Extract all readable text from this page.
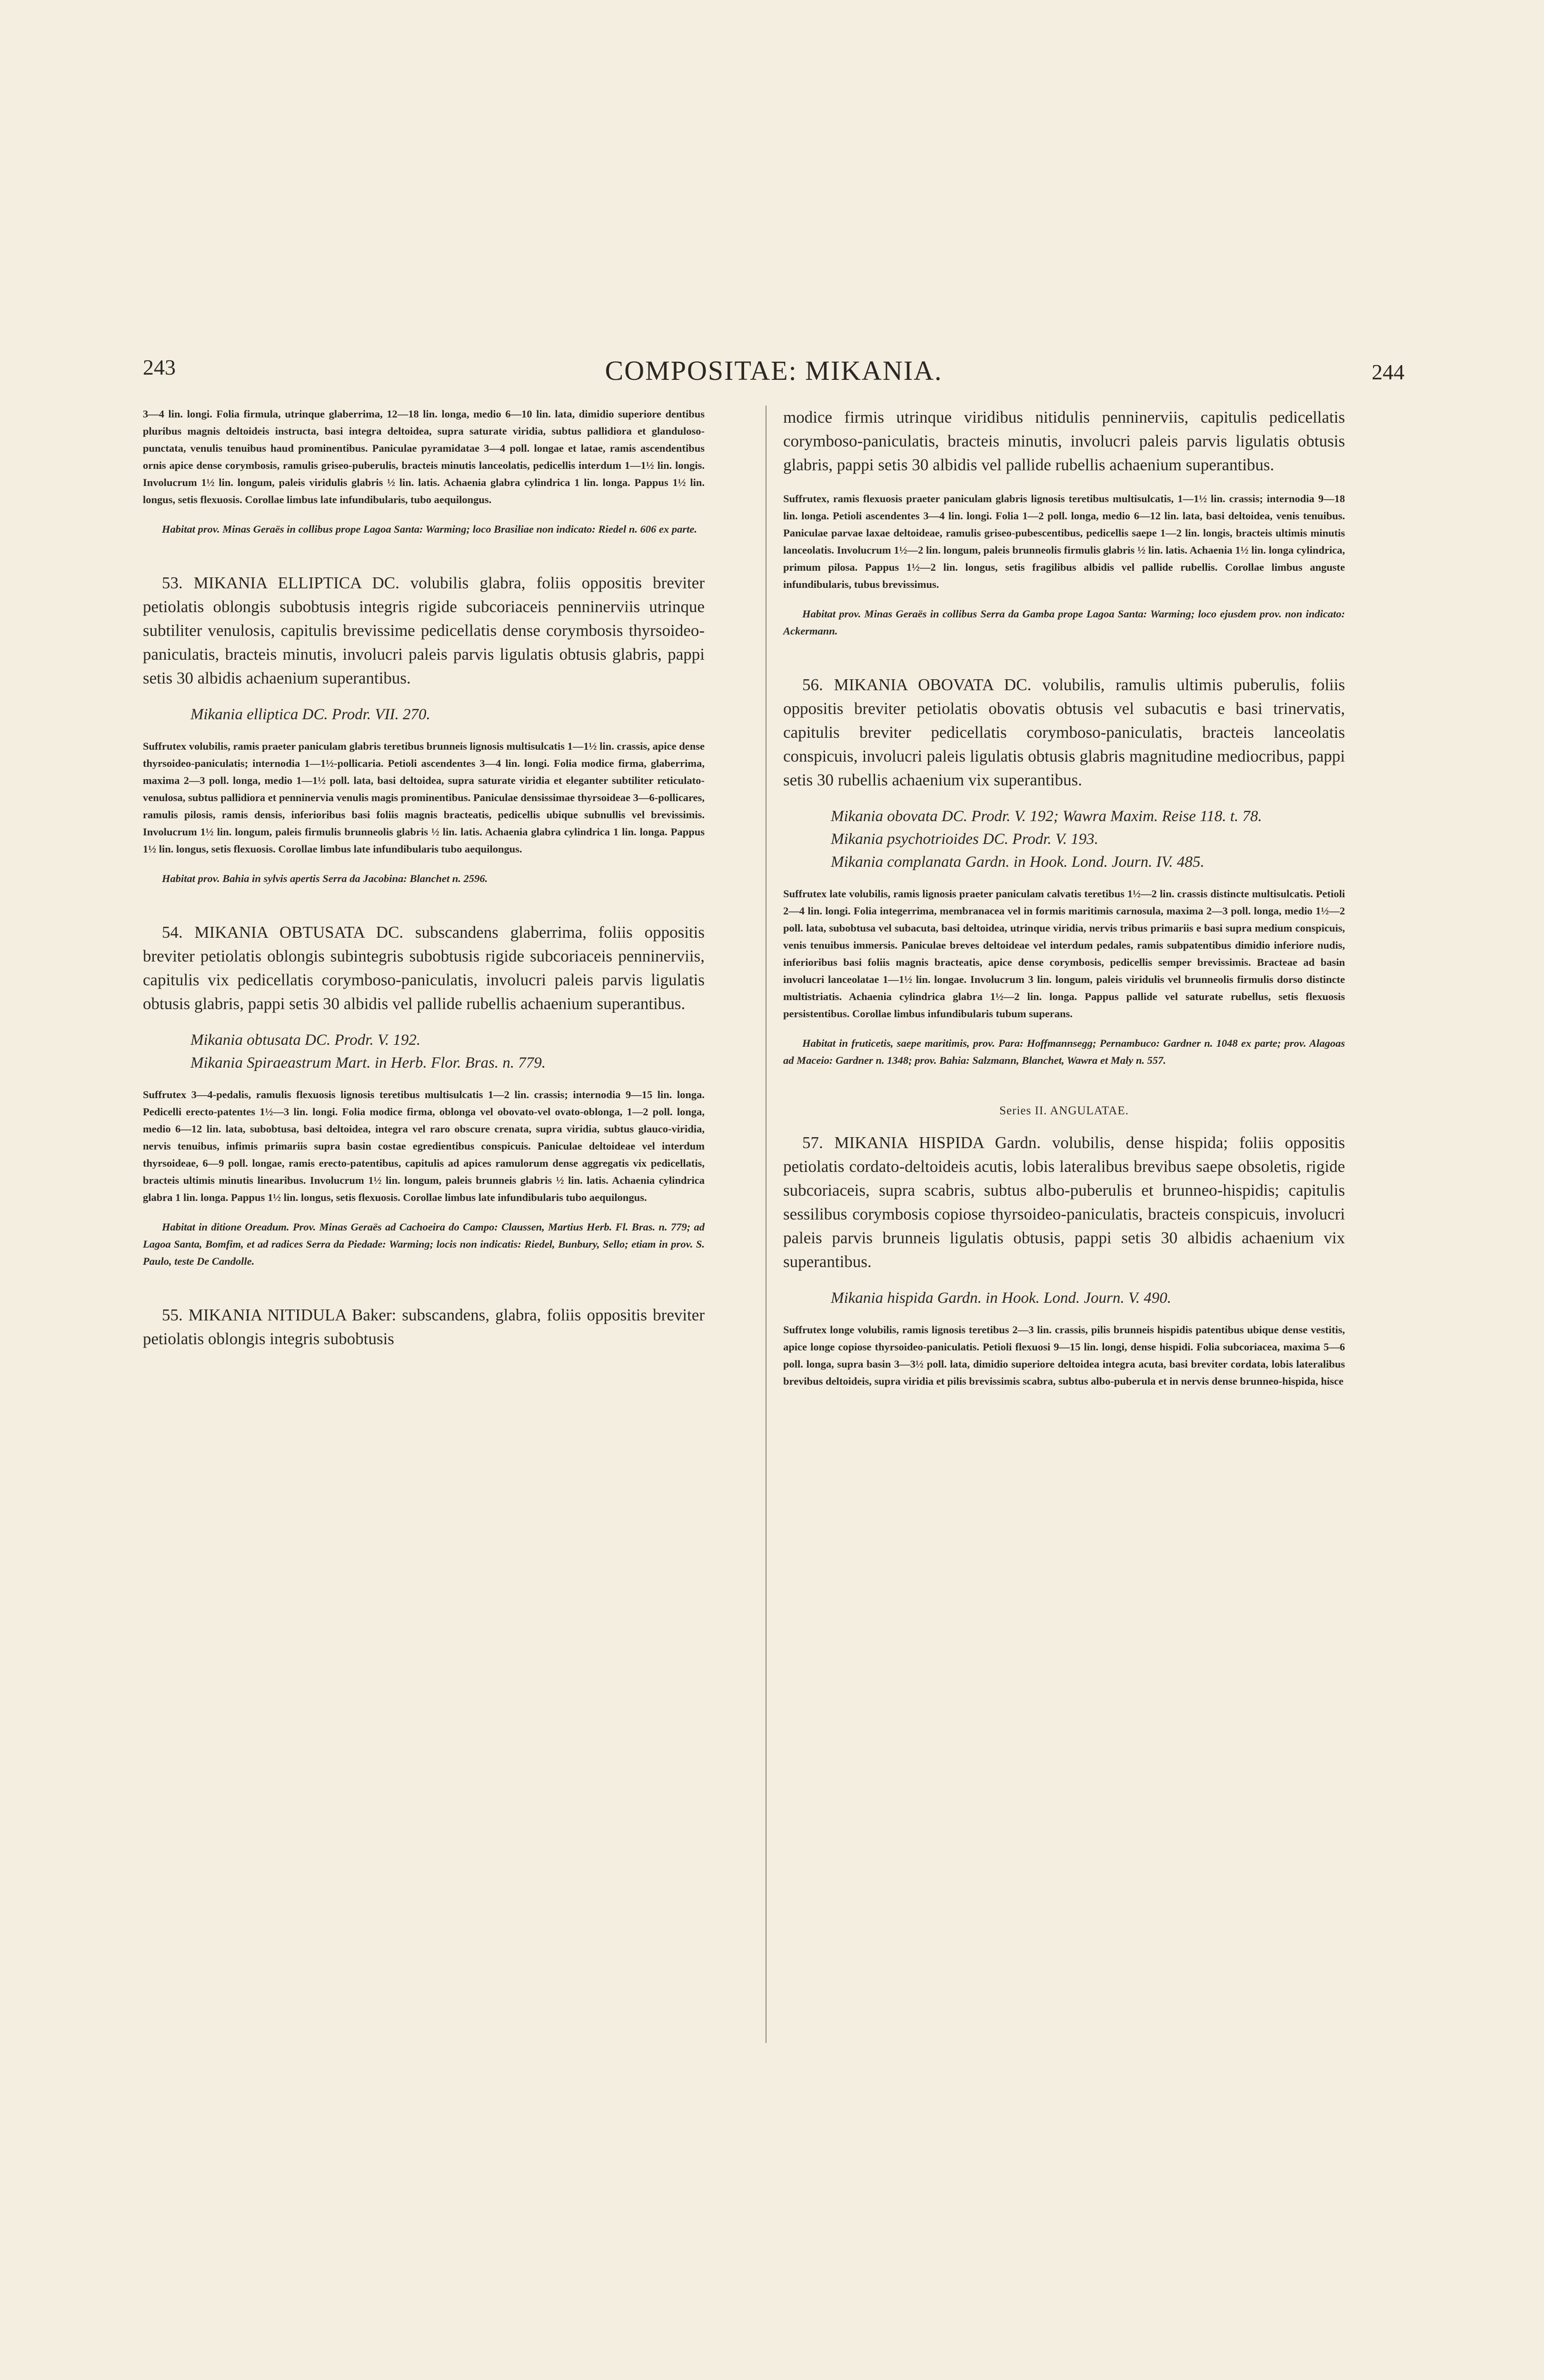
243	COMPOSITAE: MIKANIA.	244

3—4 lin. longi. Folia firmula, utrinque glaberrima, 12—18 lin. longa, medio 6—10 lin. lata, dimidio superiore dentibus pluribus magnis deltoideis instructa, basi integra deltoidea, supra saturate viridia, subtus pallidiora et glanduloso-punctata, venulis tenuibus haud prominentibus. Paniculae pyramidatae 3—4 poll. longae et latae, ramis ascendentibus ornis apice dense corymbosis, ramulis griseo-puberulis, bracteis minutis lanceolatis, pedicellis interdum 1—1½ lin. longis. Involucrum 1½ lin. longum, paleis viridulis glabris ½ lin. latis. Achaenia glabra cylindrica 1 lin. longa. Pappus 1½ lin. longus, setis flexuosis. Corollae limbus late infundibularis, tubo aequilongus.

Habitat prov. Minas Geraës in collibus prope Lagoa Santa: Warming; loco Brasiliae non indicato: Riedel n. 606 ex parte.

53. MIKANIA ELLIPTICA DC. volubilis glabra, foliis oppositis breviter petiolatis oblongis subobtusis integris rigide subcoriaceis penninerviis utrinque subtiliter venulosis, capitulis brevissime pedicellatis dense corymbosis thyrsoideo-paniculatis, bracteis minutis, involucri paleis parvis ligulatis obtusis glabris, pappi setis 30 albidis achaenium superantibus.

Mikania elliptica DC. Prodr. VII. 270.

Suffrutex volubilis, ramis praeter paniculam glabris teretibus brunneis lignosis multisulcatis 1—1½ lin. crassis, apice dense thyrsoideo-paniculatis; internodia 1—1½-pollicaria. Petioli ascendentes 3—4 lin. longi. Folia modice firma, glaberrima, maxima 2—3 poll. longa, medio 1—1½ poll. lata, basi deltoidea, supra saturate viridia et eleganter subtiliter reticulato-venulosa, subtus pallidiora et penninervia venulis magis prominentibus. Paniculae densissimae thyrsoideae 3—6-pollicares, ramulis pilosis, ramis densis, inferioribus basi foliis magnis bracteatis, pedicellis ubique subnullis vel brevissimis. Involucrum 1½ lin. longum, paleis firmulis brunneolis glabris ½ lin. latis. Achaenia glabra cylindrica 1 lin. longa. Pappus 1½ lin. longus, setis flexuosis. Corollae limbus late infundibularis tubo aequilongus.

Habitat prov. Bahia in sylvis apertis Serra da Jacobina: Blanchet n. 2596.

54. MIKANIA OBTUSATA DC. subscandens glaberrima, foliis oppositis breviter petiolatis oblongis subintegris subobtusis rigide subcoriaceis penninerviis, capitulis vix pedicellatis corymboso-paniculatis, involucri paleis parvis ligulatis obtusis glabris, pappi setis 30 albidis vel pallide rubellis achaenium superantibus.

Mikania obtusata DC. Prodr. V. 192.

Mikania Spiraeastrum Mart. in Herb. Flor. Bras. n. 779.

Suffrutex 3—4-pedalis, ramulis flexuosis lignosis teretibus multisulcatis 1—2 lin. crassis; internodia 9—15 lin. longa. Pedicelli erecto-patentes 1½—3 lin. longi. Folia modice firma, oblonga vel obovato-vel ovato-oblonga, 1—2 poll. longa, medio 6—12 lin. lata, subobtusa, basi deltoidea, integra vel raro obscure crenata, supra viridia, subtus glauco-viridia, nervis tenuibus, infimis primariis supra basin costae egredientibus conspicuis. Paniculae deltoideae vel interdum thyrsoideae, 6—9 poll. longae, ramis erecto-patentibus, capitulis ad apices ramulorum dense aggregatis vix pedicellatis, bracteis ultimis minutis linearibus. Involucrum 1½ lin. longum, paleis brunneis glabris ½ lin. latis. Achaenia cylindrica glabra 1 lin. longa. Pappus 1½ lin. longus, setis flexuosis. Corollae limbus late infundibularis tubo aequilongus.

Habitat in ditione Oreadum. Prov. Minas Geraës ad Cachoeira do Campo: Claussen, Martius Herb. Fl. Bras. n. 779; ad Lagoa Santa, Bomfim, et ad radices Serra da Piedade: Warming; locis non indicatis: Riedel, Bunbury, Sello; etiam in prov. S. Paulo, teste De Candolle.

55. MIKANIA NITIDULA Baker: subscandens, glabra, foliis oppositis breviter petiolatis oblongis integris subobtusis

modice firmis utrinque viridibus nitidulis penninerviis, capitulis pedicellatis corymboso-paniculatis, bracteis minutis, involucri paleis parvis ligulatis obtusis glabris, pappi setis 30 albidis vel pallide rubellis achaenium superantibus.

Suffrutex, ramis flexuosis praeter paniculam glabris lignosis teretibus multisulcatis, 1—1½ lin. crassis; internodia 9—18 lin. longa. Petioli ascendentes 3—4 lin. longi. Folia 1—2 poll. longa, medio 6—12 lin. lata, basi deltoidea, venis tenuibus. Paniculae parvae laxae deltoideae, ramulis griseo-pubescentibus, pedicellis saepe 1—2 lin. longis, bracteis ultimis minutis lanceolatis. Involucrum 1½—2 lin. longum, paleis brunneolis firmulis glabris ½ lin. latis. Achaenia 1½ lin. longa cylindrica, primum pilosa. Pappus 1½—2 lin. longus, setis fragilibus albidis vel pallide rubellis. Corollae limbus anguste infundibularis, tubus brevissimus.

Habitat prov. Minas Geraës in collibus Serra da Gamba prope Lagoa Santa: Warming; loco ejusdem prov. non indicato: Ackermann.

56. MIKANIA OBOVATA DC. volubilis, ramulis ultimis puberulis, foliis oppositis breviter petiolatis obovatis obtusis vel subacutis e basi trinervatis, capitulis breviter pedicellatis corymboso-paniculatis, bracteis lanceolatis conspicuis, involucri paleis ligulatis obtusis glabris magnitudine mediocribus, pappi setis 30 rubellis achaenium vix superantibus.

Mikania obovata DC. Prodr. V. 192; Wawra Maxim. Reise 118. t. 78.

Mikania psychotrioides DC. Prodr. V. 193.

Mikania complanata Gardn. in Hook. Lond. Journ. IV. 485.

Suffrutex late volubilis, ramis lignosis praeter paniculam calvatis teretibus 1½—2 lin. crassis distincte multisulcatis. Petioli 2—4 lin. longi. Folia integerrima, membranacea vel in formis maritimis carnosula, maxima 2—3 poll. longa, medio 1½—2 poll. lata, subobtusa vel subacuta, basi deltoidea, utrinque viridia, nervis tribus primariis e basi supra medium conspicuis, venis tenuibus immersis. Paniculae breves deltoideae vel interdum pedales, ramis subpatentibus dimidio inferiore nudis, inferioribus basi foliis magnis bracteatis, apice dense corymbosis, pedicellis semper brevissimis. Bracteae ad basin involucri lanceolatae 1—1½ lin. longae. Involucrum 3 lin. longum, paleis viridulis vel brunneolis firmulis dorso distincte multistriatis. Achaenia cylindrica glabra 1½—2 lin. longa. Pappus pallide vel saturate rubellus, setis flexuosis persistentibus. Corollae limbus infundibularis tubum superans.

Habitat in fruticetis, saepe maritimis, prov. Para: Hoffmannsegg; Pernambuco: Gardner n. 1048 ex parte; prov. Alagoas ad Maceio: Gardner n. 1348; prov. Bahia: Salzmann, Blanchet, Wawra et Maly n. 557.

Series II. ANGULATAE.

57. MIKANIA HISPIDA Gardn. volubilis, dense hispida; foliis oppositis petiolatis cordato-deltoideis acutis, lobis lateralibus brevibus saepe obsoletis, rigide subcoriaceis, supra scabris, subtus albo-puberulis et brunneo-hispidis; capitulis sessilibus corymbosis copiose thyrsoideo-paniculatis, bracteis conspicuis, involucri paleis parvis brunneis ligulatis obtusis, pappi setis 30 albidis achaenium vix superantibus.

Mikania hispida Gardn. in Hook. Lond. Journ. V. 490.

Suffrutex longe volubilis, ramis lignosis teretibus 2—3 lin. crassis, pilis brunneis hispidis patentibus ubique dense vestitis, apice longe copiose thyrsoideo-paniculatis. Petioli flexuosi 9—15 lin. longi, dense hispidi. Folia subcoriacea, maxima 5—6 poll. longa, supra basin 3—3½ poll. lata, dimidio superiore deltoidea integra acuta, basi breviter cordata, lobis lateralibus brevibus deltoideis, supra viridia et pilis brevissimis scabra, subtus albo-puberula et in nervis dense brunneo-hispida, hisce
